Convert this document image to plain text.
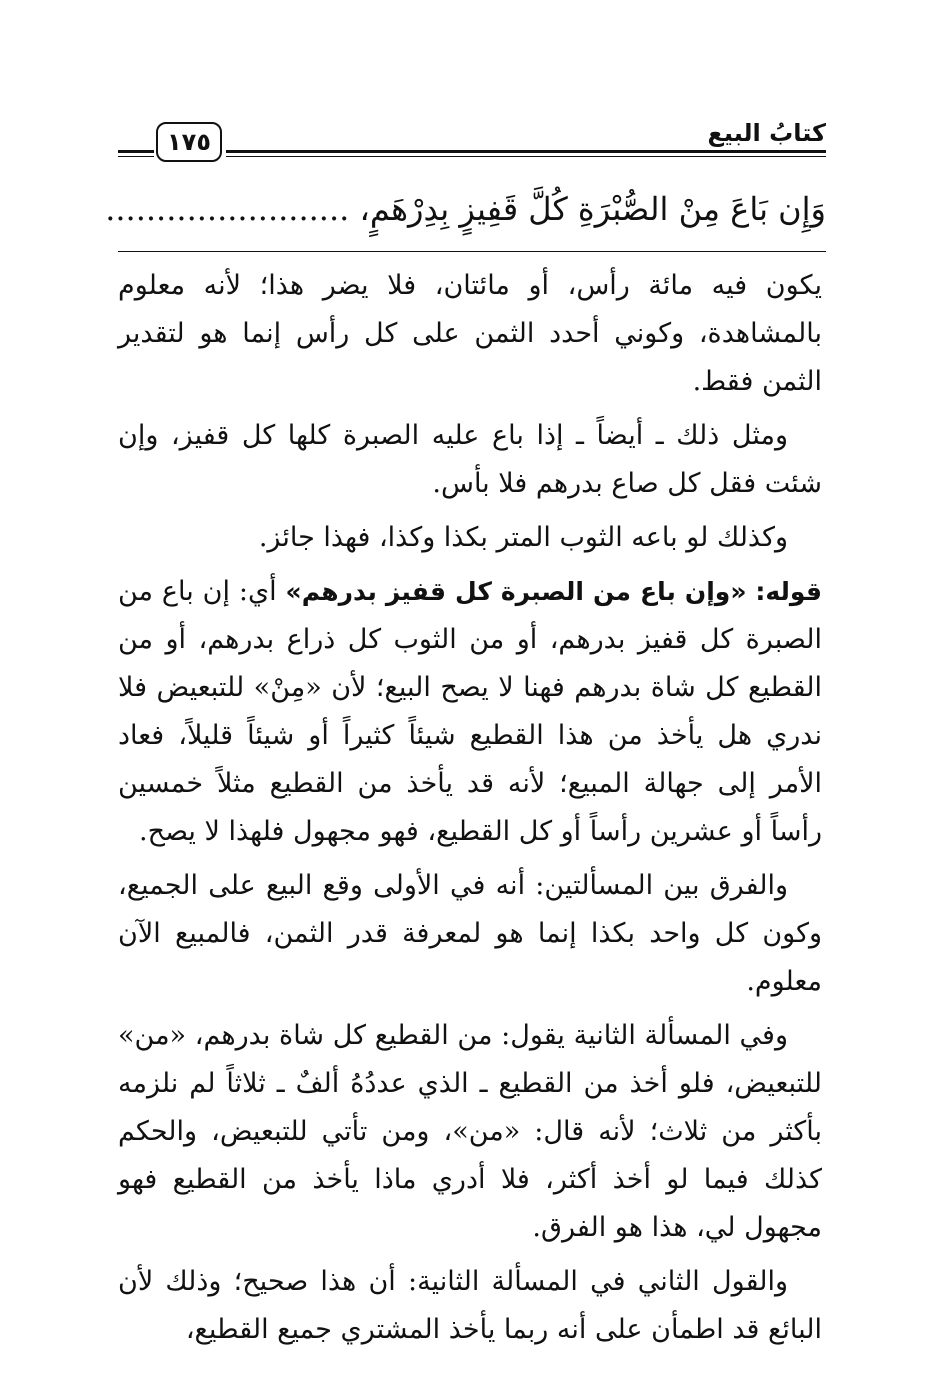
كتابُ البيع
١٧٥
وَإِن بَاعَ مِنْ الصُّبْرَةِ كُلَّ قَفِيزٍ بِدِرْهَمٍ، ........................

يكون فيه مائة رأس، أو مائتان، فلا يضر هذا؛ لأنه معلوم بالمشاهدة، وكوني أحدد الثمن على كل رأس إنما هو لتقدير الثمن فقط.

ومثل ذلك ـ أيضاً ـ إذا باع عليه الصبرة كلها كل قفيز، وإن شئت فقل كل صاع بدرهم فلا بأس.

وكذلك لو باعه الثوب المتر بكذا وكذا، فهذا جائز.

قوله: «وإن باع من الصبرة كل قفيز بدرهم» أي: إن باع من الصبرة كل قفيز بدرهم، أو من الثوب كل ذراع بدرهم، أو من القطيع كل شاة بدرهم فهنا لا يصح البيع؛ لأن «مِنْ» للتبعيض فلا ندري هل يأخذ من هذا القطيع شيئاً كثيراً أو شيئاً قليلاً، فعاد الأمر إلى جهالة المبيع؛ لأنه قد يأخذ من القطيع مثلاً خمسين رأساً أو عشرين رأساً أو كل القطيع، فهو مجهول فلهذا لا يصح.

والفرق بين المسألتين: أنه في الأولى وقع البيع على الجميع، وكون كل واحد بكذا إنما هو لمعرفة قدر الثمن، فالمبيع الآن معلوم.

وفي المسألة الثانية يقول: من القطيع كل شاة بدرهم، «من» للتبعيض، فلو أخذ من القطيع ـ الذي عددُهُ ألفٌ ـ ثلاثاً لم نلزمه بأكثر من ثلاث؛ لأنه قال: «من»، ومن تأتي للتبعيض، والحكم كذلك فيما لو أخذ أكثر، فلا أدري ماذا يأخذ من القطيع فهو مجهول لي، هذا هو الفرق.

والقول الثاني في المسألة الثانية: أن هذا صحيح؛ وذلك لأن البائع قد اطمأن على أنه ربما يأخذ المشتري جميع القطيع،
